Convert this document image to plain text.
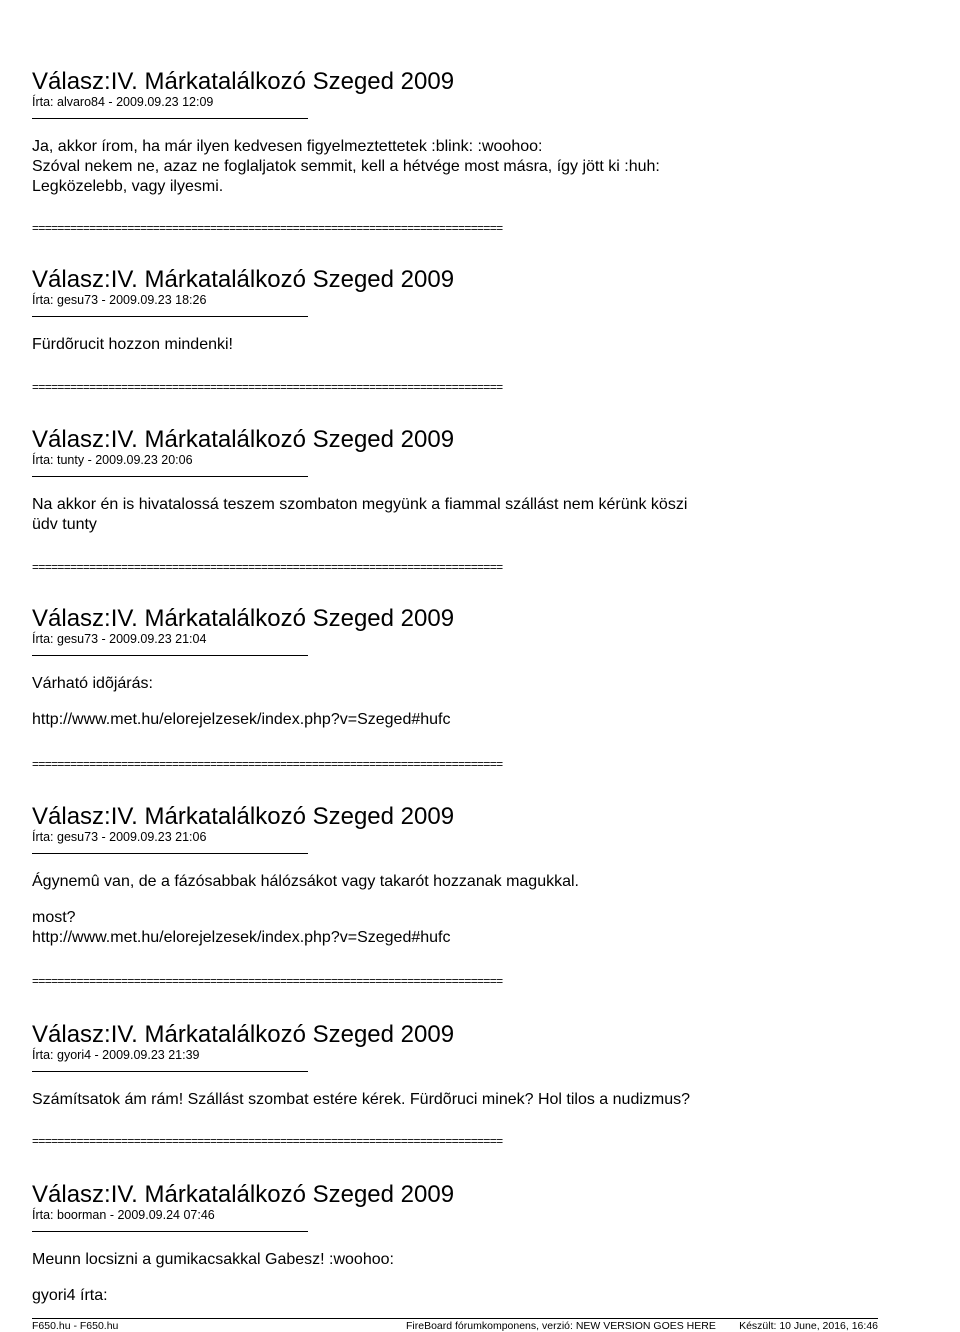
Válasz:IV. Márkatalálkozó Szeged 2009
Írta: alvaro84 - 2009.09.23 12:09
Ja, akkor írom, ha már ilyen kedvesen figyelmeztettetek :blink: :woohoo:
Szóval nekem ne, azaz ne foglaljatok semmit, kell a hétvége most másra, így jött ki :huh:
Legközelebb, vagy ilyesmi.
==========================================================================
Válasz:IV. Márkatalálkozó Szeged 2009
Írta: gesu73 - 2009.09.23 18:26
Fürdõrucit hozzon mindenki!
==========================================================================
Válasz:IV. Márkatalálkozó Szeged 2009
Írta: tunty - 2009.09.23 20:06
Na akkor én is hivatalossá teszem szombaton megyünk a fiammal szállást nem kérünk köszi
üdv tunty
==========================================================================
Válasz:IV. Márkatalálkozó Szeged 2009
Írta: gesu73 - 2009.09.23 21:04
Várható idõjárás:
http://www.met.hu/elorejelzesek/index.php?v=Szeged#hufc
==========================================================================
Válasz:IV. Márkatalálkozó Szeged 2009
Írta: gesu73 - 2009.09.23 21:06
Ágynemû van, de a fázósabbak hálózsákot vagy takarót hozzanak magukkal.
most?
http://www.met.hu/elorejelzesek/index.php?v=Szeged#hufc
==========================================================================
Válasz:IV. Márkatalálkozó Szeged 2009
Írta: gyori4 - 2009.09.23 21:39
Számítsatok ám rám! Szállást szombat estére kérek. Fürdõruci minek? Hol tilos a nudizmus?
==========================================================================
Válasz:IV. Márkatalálkozó Szeged 2009
Írta: boorman - 2009.09.24 07:46
Meunn locsizni a gumikacsakkal Gabesz! :woohoo:
gyori4 írta:
F650.hu - F650.hu	FireBoard fórumkomponens, verzió: NEW VERSION GOES HERE Készült: 10 June, 2016, 16:46
